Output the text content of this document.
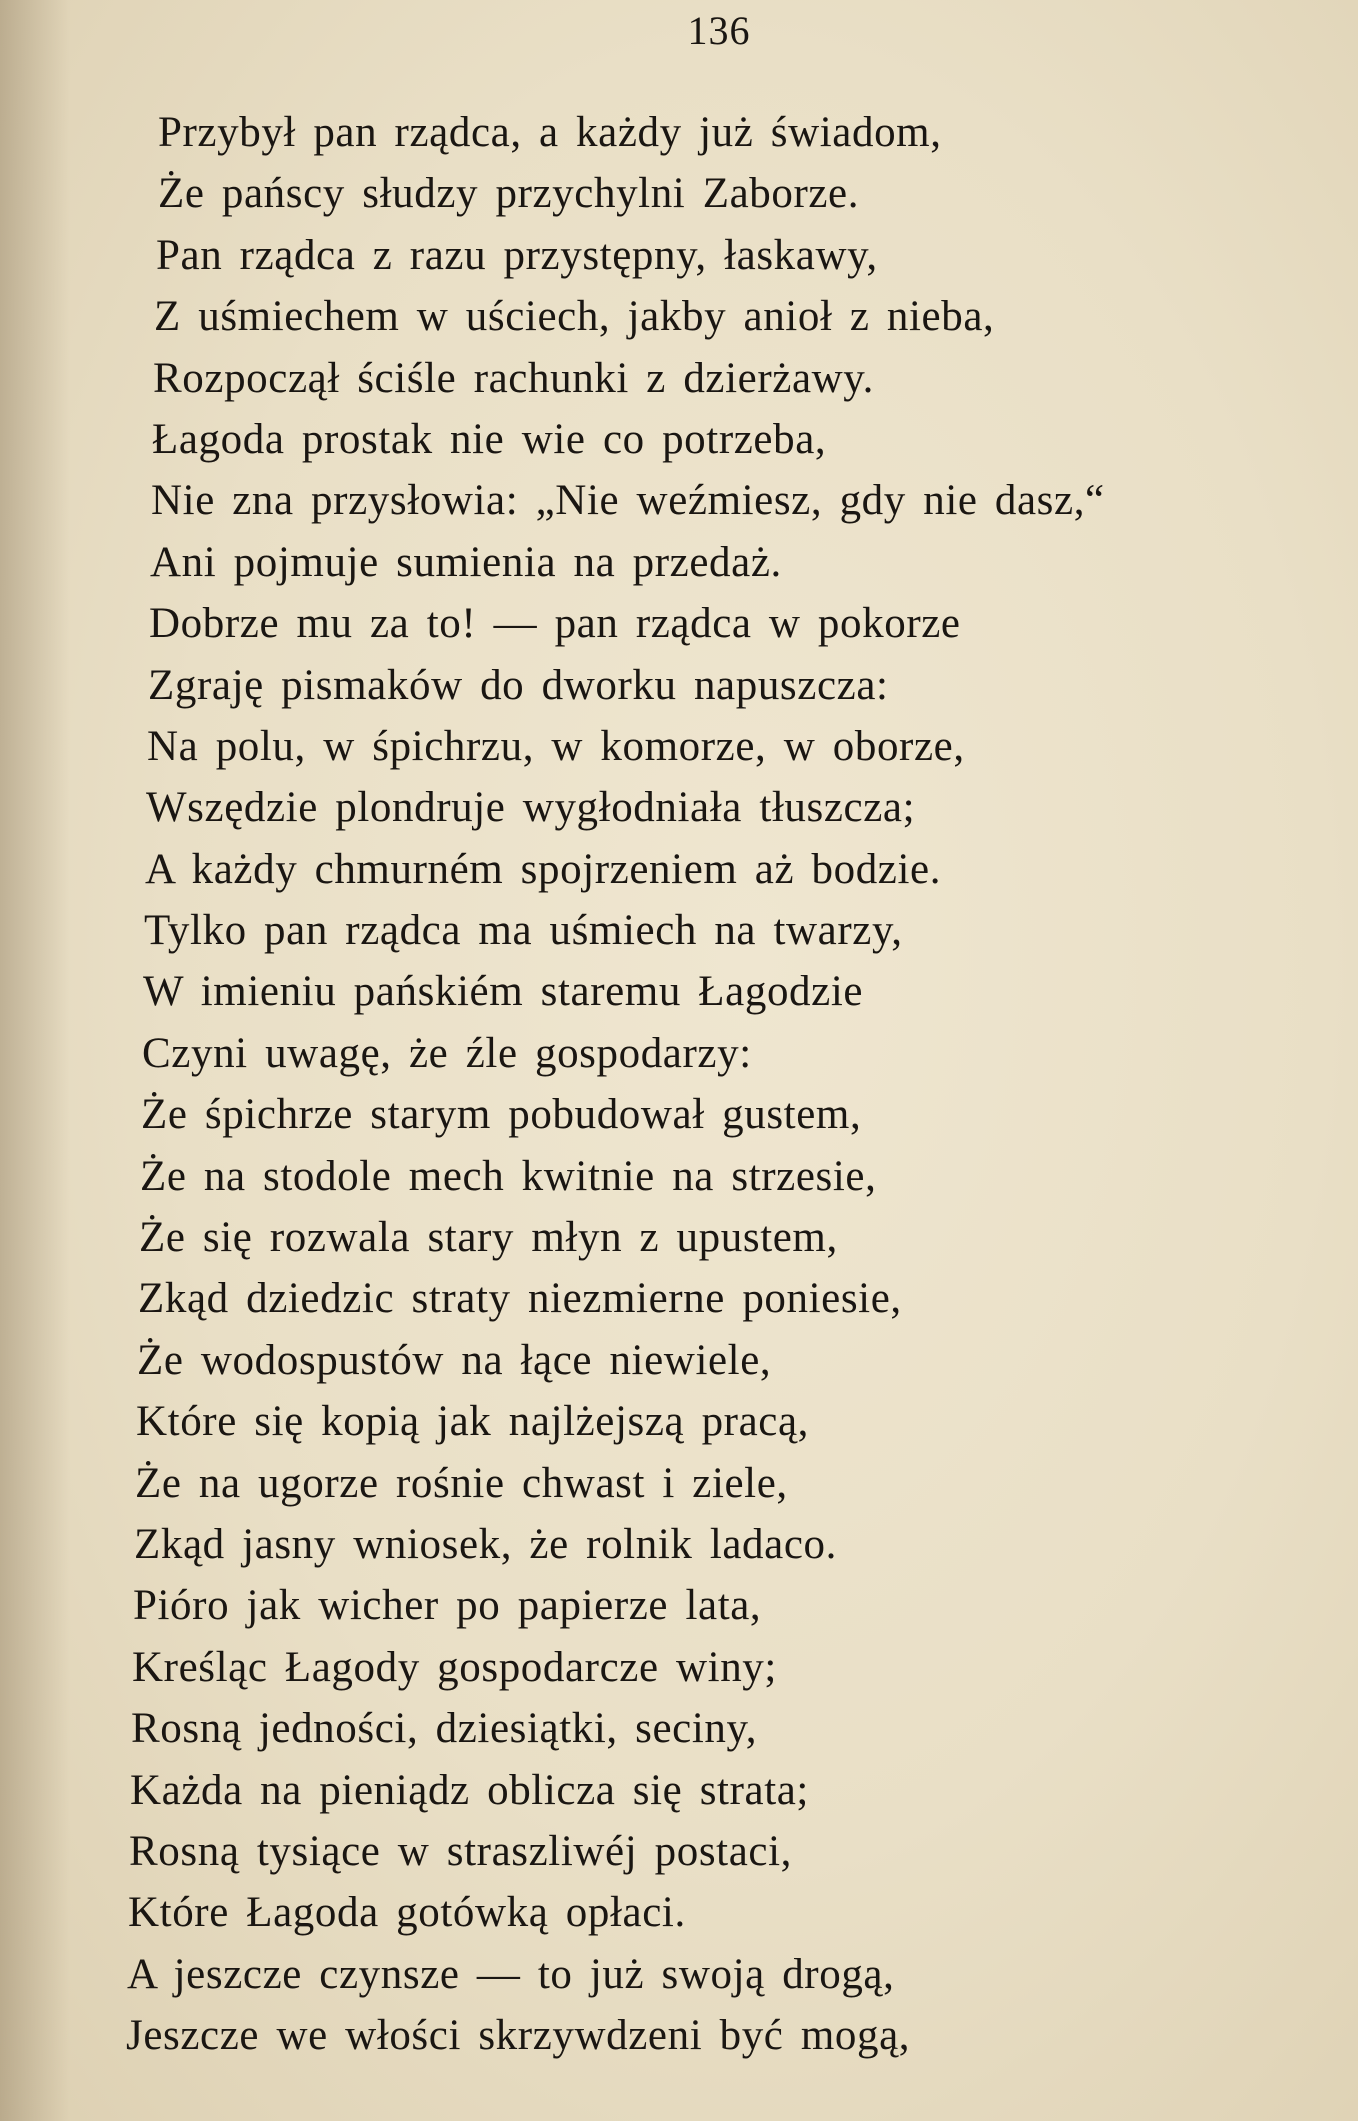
136
Przybył pan rządca, a każdy już świadom,
Że pańscy słudzy przychylni Zaborze.
Pan rządca z razu przystępny, łaskawy,
Z uśmiechem w uściech, jakby anioł z nieba,
Rozpoczął ściśle rachunki z dzierżawy.
Łagoda prostak nie wie co potrzeba,
Nie zna przysłowia: „Nie weźmiesz, gdy nie dasz,“
Ani pojmuje sumienia na przedaż.
Dobrze mu za to! — pan rządca w pokorze
Zgraję pismaków do dworku napuszcza:
Na polu, w śpichrzu, w komorze, w oborze,
Wszędzie plondruje wygłodniała tłuszcza;
A każdy chmurném spojrzeniem aż bodzie.
Tylko pan rządca ma uśmiech na twarzy,
W imieniu pańskiém staremu Łagodzie
Czyni uwagę, że źle gospodarzy:
Że śpichrze starym pobudował gustem,
Że na stodole mech kwitnie na strzesie,
Że się rozwala stary młyn z upustem,
Zkąd dziedzic straty niezmierne poniesie,
Że wodospustów na łące niewiele,
Które się kopią jak najlżejszą pracą,
Że na ugorze rośnie chwast i ziele,
Zkąd jasny wniosek, że rolnik ladaco.
Pióro jak wicher po papierze lata,
Kreśląc Łagody gospodarcze winy;
Rosną jedności, dziesiątki, seciny,
Każda na pieniądz oblicza się strata;
Rosną tysiące w straszliwéj postaci,
Które Łagoda gotówką opłaci.
A jeszcze czynsze — to już swoją drogą,
Jeszcze we włości skrzywdzeni być mogą,
